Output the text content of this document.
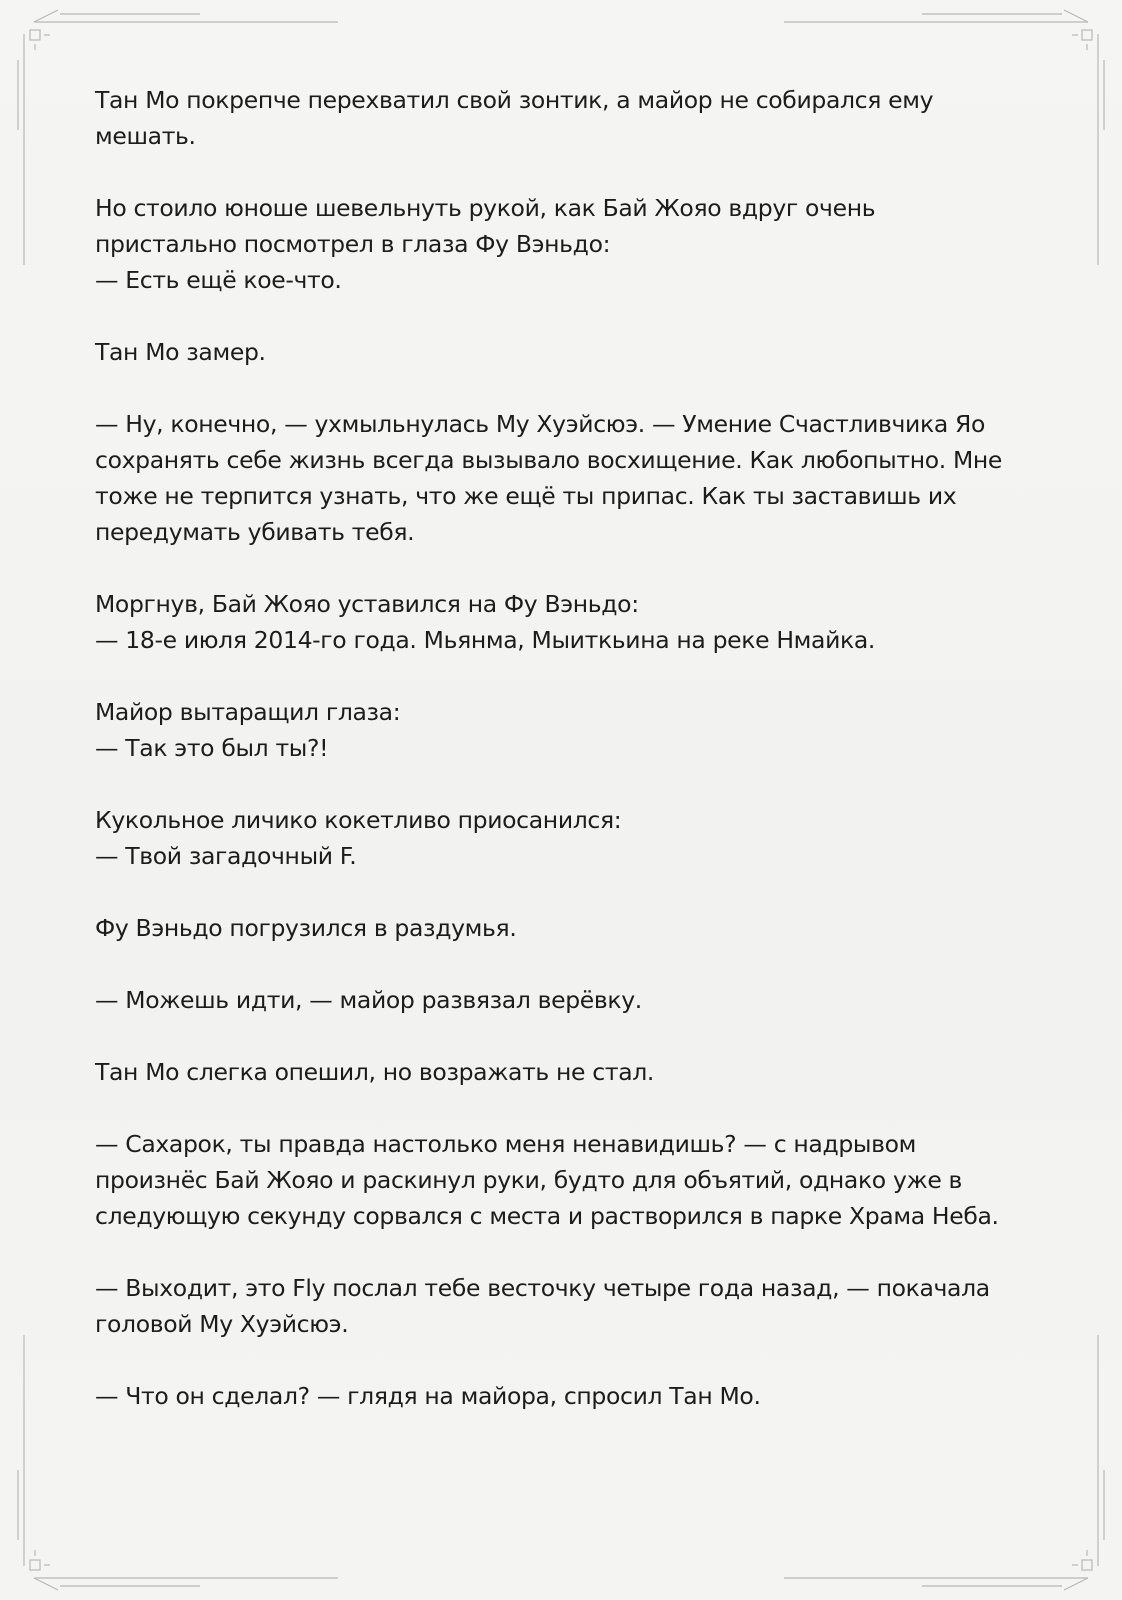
Тан Мо покрепче перехватил свой зонтик, а майор не собирался ему
мешать.

Но стоило юноше шевельнуть рукой, как Бай Жояо вдруг очень
пристально посмотрел в глаза Фу Вэньдо:
— Есть ещё кое-что.

Тан Мо замер.

— Ну, конечно, — ухмыльнулась Му Хуэйсюэ. — Умение Счастливчика Яо
сохранять себе жизнь всегда вызывало восхищение. Как любопытно. Мне
тоже не терпится узнать, что же ещё ты припас. Как ты заставишь их
передумать убивать тебя.

Моргнув, Бай Жояо уставился на Фу Вэньдо:
— 18-е июля 2014-го года. Мьянма, Мыиткьина на реке Нмайка.

Майор вытаращил глаза:
— Так это был ты?!

Кукольное личико кокетливо приосанился:
— Твой загадочный F.

Фу Вэньдо погрузился в раздумья.

— Можешь идти, — майор развязал верёвку.

Тан Мо слегка опешил, но возражать не стал.

— Сахарок, ты правда настолько меня ненавидишь? — с надрывом
произнёс Бай Жояо и раскинул руки, будто для объятий, однако уже в
следующую секунду сорвался с места и растворился в парке Храма Неба.

— Выходит, это Fly послал тебе весточку четыре года назад, — покачала
головой Му Хуэйсюэ.

— Что он сделал? — глядя на майора, спросил Тан Мо.
